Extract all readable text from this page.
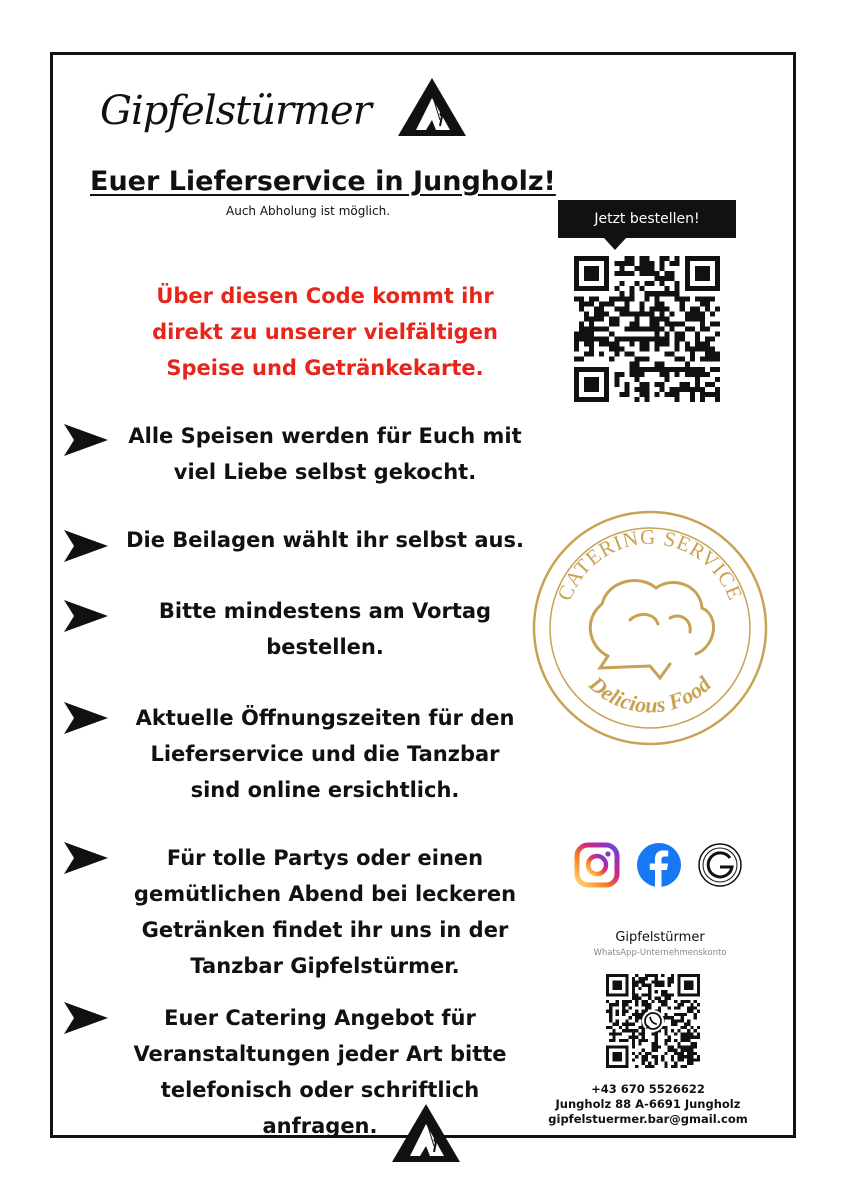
Gipfelstürmer
Euer Lieferservice in Jungholz!
Auch Abholung ist möglich.	Jetzt bestellen!
Über diesen Code kommt ihr
direkt zu unserer vielfältigen
Speise und Getränkekarte.
Alle Speisen werden für Euch mit
viel Liebe selbst gekocht.
Die Beilagen wählt ihr selbst aus.
Bitte mindestens am Vortag
bestellen.
Aktuelle Öffnungszeiten für den
Lieferservice und die Tanzbar
sind online ersichtlich.
Für tolle Partys oder einen
gemütlichen Abend bei leckeren
Getränken findet ihr uns in der
Tanzbar Gipfelstürmer.
Euer Catering Angebot für
Veranstaltungen jeder Art bitte
telefonisch oder schriftlich
anfragen.
CATERING SERVICE
Delicious Food
Gipfelstürmer
WhatsApp-Unternehmenskonto
+43 670 5526622
Jungholz 88 A-6691 Jungholz
gipfelstuermer.bar@gmail.com
